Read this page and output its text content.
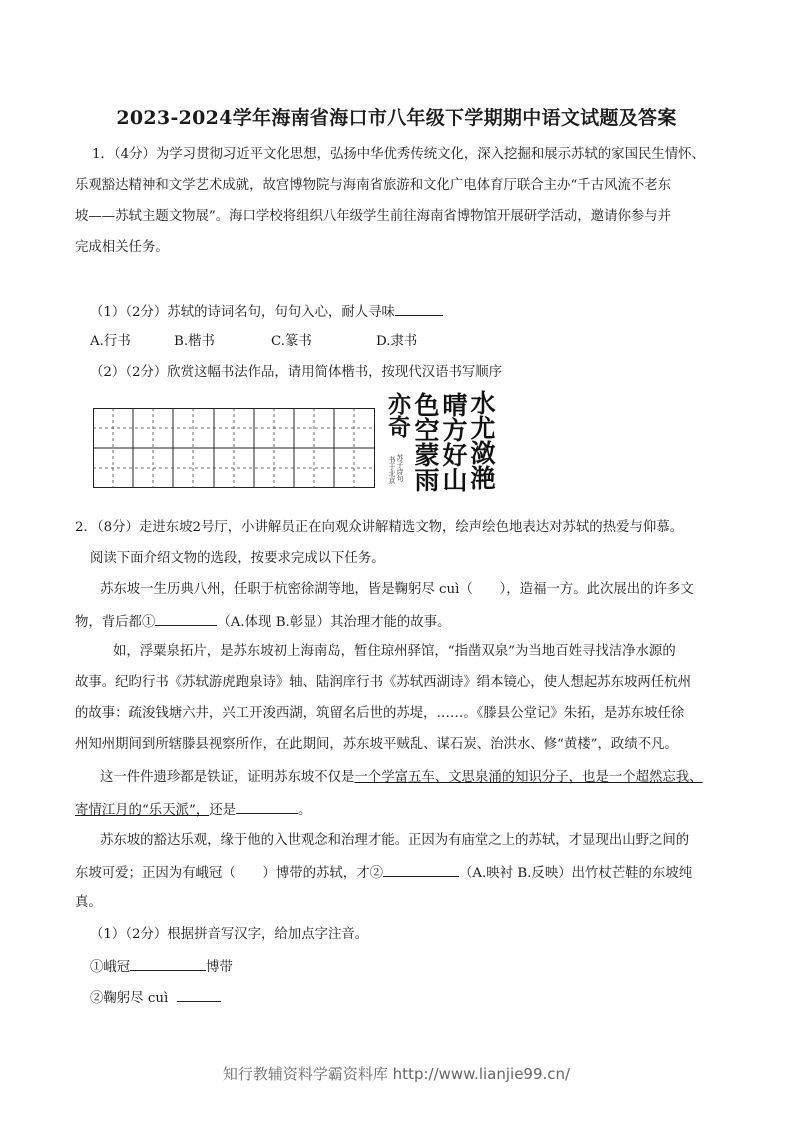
2023-2024学年海南省海口市八年级下学期期中语文试题及答案
1．（4分）为学习贯彻习近平文化思想，弘扬中华优秀传统文化，深入挖掘和展示苏轼的家国民生情怀、
乐观豁达精神和文学艺术成就，故宫博物院与海南省旅游和文化广电体育厅联合主办“千古风流不老东
坡——苏轼主题文物展”。海口学校将组织八年级学生前往海南省博物馆开展研学活动，邀请你参与并
完成相关任务。
（1）（2分）苏轼的诗词名句，句句入心，耐人寻味
A.行书	B.楷书	C.篆书	D.隶书
（2）（2分）欣赏这幅书法作品，请用简体楷书，按现代汉语书写顺序
水尤潋滟
晴方好山
色空蒙雨
亦奇
苏子诗句
书于北京
2．（8分）走进东坡2号厅，小讲解员正在向观众讲解精选文物，绘声绘色地表达对苏轼的热爱与仰慕。
阅读下面介绍文物的选段，按要求完成以下任务。
苏东坡一生历典八州，任职于杭密徐湖等地，皆是鞠躬尽 cuì（　　），造福一方。此次展出的许多文
物，背后都①	（A.体现 B.彰显）其治理才能的故事。
如，浮粟泉拓片，是苏东坡初上海南岛，暂住琼州驿馆，“指凿双泉”为当地百姓寻找洁净水源的
故事。纪昀行书《苏轼游虎跑泉诗》轴、陆润庠行书《苏轼西湖诗》绢本镜心，使人想起苏东坡两任杭州
的故事：疏浚钱塘六井，兴工开浚西湖，筑留名后世的苏堤，……。《滕县公堂记》朱拓，是苏东坡任徐
州知州期间到所辖滕县视察所作，在此期间，苏东坡平贼乱、谋石炭、治洪水、修“黄楼”，政绩不凡。
这一件件遗珍都是铁证，证明苏东坡不仅是一个学富五车、文思泉涌的知识分子，也是一个超然忘我、
寄情江月的“乐天派”，还是	。
苏东坡的豁达乐观，缘于他的入世观念和治理才能。正因为有庙堂之上的苏轼，才显现出山野之间的
东坡可爱；正因为有峨冠（　　）博带的苏轼，才②	（A.映衬 B.反映）出竹杖芒鞋的东坡纯
真。
（1）（2分）根据拼音写汉字，给加点字注音。
①峨冠	博带
②鞠躬尽 cuì
知行教辅资料学霸资料库 http://www.lianjie99.cn/
